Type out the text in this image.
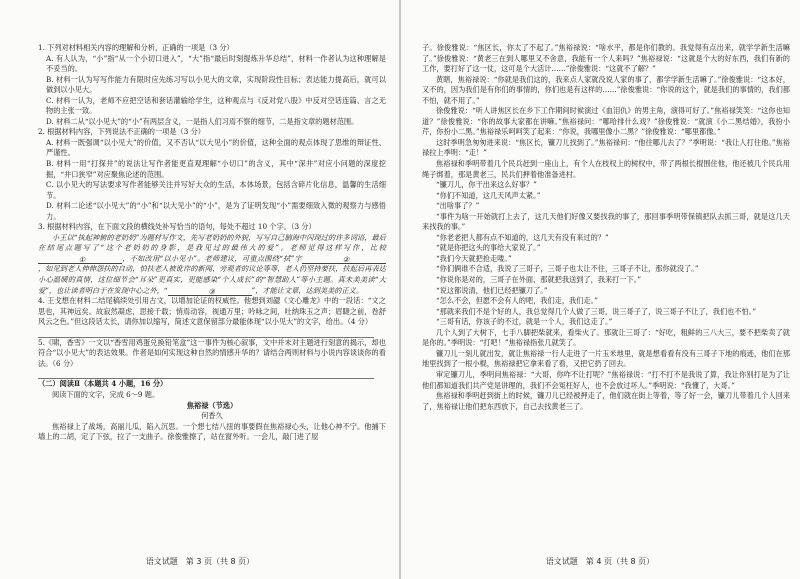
1. 下列对材料相关内容的理解和分析，正确的一项是（3 分）

A. 有人认为，“小”指“从一个小切口进入”，“大”指“最后时刻提炼升华总结”，材料一作者认为这种理解是不妥当的。

B. 材料一认为写写作能力有限时应先练习写以小见大的文章，实现阶段性目标；表达能力提高后，就可以做到以小见大。

C. 材料一认为，老师不应把空话和套话灌输给学生，这种观点与《反对党八股》中反对空话连篇、言之无物的主张一致。

D. 材料二从“以小见大”的“小”有两层含义，一是指人们习焉不察的细节，二是指文章的题材范围。

2. 根据材料内容，下列说法不正确的一项是（3 分）

A. 材料一既强调“以小见大”的价值，又不否认“以大见小”的价值，这种全面的观点体现了思维的辩证性、严谨性。

B. 材料一用“打探井”的说法让写作者能更直观理解“小切口”的含义，其中“深井”对应小问题的深度挖掘，“井口狭窄”对应聚焦论述的范围。

C. 以小见大的写法要求写作者能够关注并写好大众的生活，本体场景，包括含碎片化信息，温馨的生活细节。

D. 材料二论述“以小见大”的“小”和“以大见小”的“小”，是为了证明发现“小”需要细致入微的观察力与感悟力。

3. 根据材料内容，在下面文段的横线处补写恰当的语句，每处不超过 10 个字。（3 分）

小王以“执起神俯的老奶奶”为题材写作文，先写老奶奶的外貌，写写自己脑海中闪现过的许多词语，最后在结尾点题写了“这个老奶奶的身影，是我见过的最伟大的爱”。老师觉得这样写作，比较①	，不如改用“以小见小”。老师建议，可重点围绕“拭”字	②，如见到老人伸伸怨扶的自动，怕扶老人被讹诈的新闻、旁观者的议论等等，老人仍坚持要扶，扶起后再表达小心温暖的真情，这位细节会“耳朵”更真实，更能感染“个人成长”的“智慧助人”等小主题。真未美美读“大爱”，也让读者明白于在发现中心之外，“	③	”，才能让文章，达到美美的正义。

4. 王戈想在材料二结尾稿续处引用古文，以增加论证的权威性。他想到刘勰《文心雕龙》中的一段话：“文之思也，其神远矣。故寂然凝虑，思接千载；悄焉动容，视通万里；吟咏之间，吐纳珠玉之声；眉睫之前，卷舒风云之色。”但这段话太长，请你加以缩写，简述文意保留部分最能体现“以小见大”的文字，给出。（4 分）

5.《啸，香雪》一文以“香雪用鸡蛋兑换铅笔盒”这一事件为核心叙事，文中并未对主题进行刻意的揭示，却也符合“以小见大”的表达效果。作者是如何实现这种自然的情感升华的？请结合两则材料与小说内容谈谈你的看法。（6 分）

（二）阅读Ⅱ（本题共 4 小题，16 分）

阅读下面的文字，完成 6～9 题。

焦裕禄（节选）

何香久

焦裕禄上了战场，高丽儿瓜，陷入沉思。一个想七结八扭的事要假在焦裕禄心头，让他心神不宁。他捕下墙上的二胡，定了下弦，拉了一支曲子。徐俊雅擦了，站在窗外听。一会儿，敲门进了屋

语文试题　第 3 页（共 8 页）

子。徐俊雅说：“焦区长，你太了不起了。”焦裕禄说：“啥水平，都是你们教的。我觉得有点出来，就学学新生活嘛了。”徐俊雅说：“黄老三在到人哪里又不舍意，我能有一个人来吗？”焦裕禄说：“这就是个大的好东西，我们有新的工作，要打好了这一仗，这可是个大活计……”徐俊雅说：“这就不了解？”

黄瞎，焦裕禄说：“你就是我们这的，我来点人家就没说人家的事了，都学学新生活嘛了。”徐俊雅说：“这本好，又不的，因为我们是有你们的事情的，你们也是有这样的……”徐俊雅说：“你说的这个，就是我们的事情的，我们都不怕，就不用了。”

徐俊雅说：“听人讲焦区长在乡下工作期间时候演过《血泪仇》的男主角，演得可好了。”焦裕禄笑笑：“这你也知道？”徐俊雅说：“你的故事大家都在讲嘛。”焦裕禄问：“哪哈排什么戏？”徐俊雅说：“就演《小二黑结婚》，我扮小芹，你扮小二黑。”焦裕禄乐呵呵笑了起来：“你说，我哪里像小二黑？”徐俊雅说：“哪里都像。”

这时季明急匆匆进来说：“焦区长，镰刀儿找到了。”焦裕禄问：“他往哪儿去了？”季明说：“我让人打住他。”焦裕禄拉上季明：“走！”

焦裕禄和季明带着几个民兵赶到一座山上，有个人在枝杈上的树杈中，带了两根长棍围住他，他还被几个民兵用绳子绑着，那是黄老三，民兵们押着他准备进村。

“镰刀儿，你干出来这么好事？”

“你们不知道，这几天风声太紧。”

“出啥事了？”

“事件为啥一开始就打上去了，这几天他们好像又要找我的事了，那回事季明带保镇把队去抓三哥，就是这几天来找我的事。”

“你老老把人都有点不知道的，这几天有没有来过的？”

“就是你把这头的事给大家说了。”

“我们今天就把抢走喽。”

“你们俩谁不合适，我说了三哥子，三哥子也太让不住，三哥子不让，那你就没了。”

“你说你是对的，三哥子在外面，那就把我送到了，我来打一下。”

“说这都说清，他们已经把镰刀了。”

“怎么不会，但愿不会有人的吧，我们走，我们走。”

“那就来我们不是个好的人，我总觉得几个人做了三哥，说三哥子了，说三哥子不让了，我们也不怕。”

“三哥有话，你该子的不过，就是一个人，我们这走了。”

几个人到了大树下，七手八脚把柴就来，看柴火了。那就让三哥了：“好吃，粗鲜的三八大三，要不把柴卖了就是你的。”季明说：“打吧！”焦裕禄指张几就笑了。

镰刀儿一刻儿就出发，就让焦裕禄一行人走进了一片玉米地里，就是想看看有没有三哥子下地的痕迹，他们在那地里找到了一根小棍，焦裕禄把它拿来看了看，又把它扔了回去。

审定镰刀儿，季明问焦裕禄：“大哥，你咋不让打呢？”焦裕禄说：“打不打不是我说了算，我让你别打是为了让他们都知道我们共产党是讲理的，我们不会冤枉好人，也不会放过坏人。”季明说：“我懂了，大哥。”

焦裕禄和季明赶到街上的时候，镰刀儿已经被押走了，他们就在街上等着，等了好一会，镰刀儿带着几个人回来了，焦裕禄让他们把东西放下，自己去找黄老三了。

语文试题　第 4 页（共 8 页）
